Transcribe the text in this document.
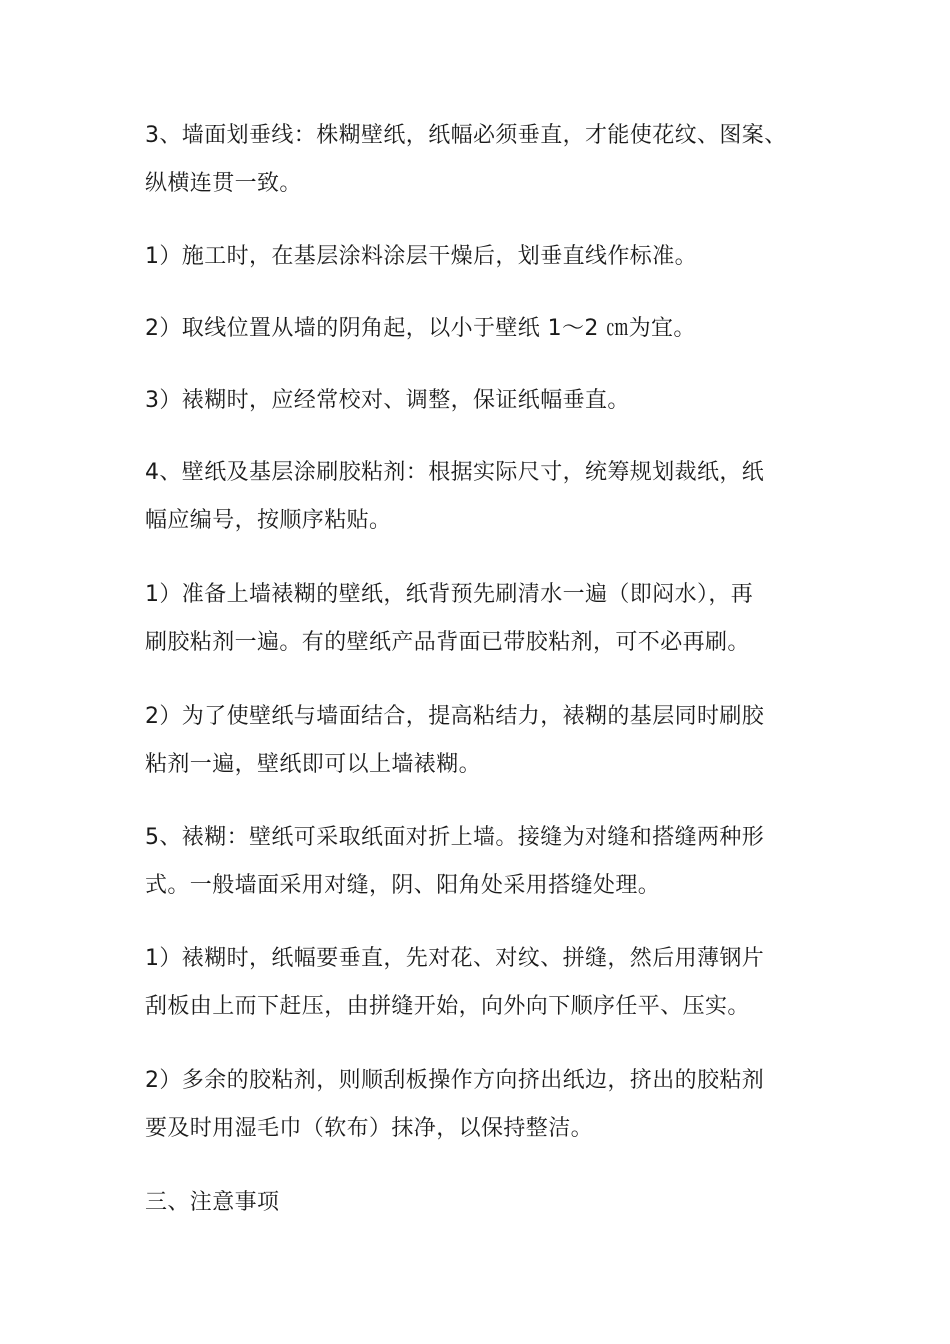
3、墙面划垂线：株糊壁纸，纸幅必须垂直，才能使花纹、图案、
纵横连贯一致。

1）施工时，在基层涂料涂层干燥后，划垂直线作标准。

2）取线位置从墙的阴角起，以小于壁纸 1～2 ㎝为宜。

3）裱糊时，应经常校对、调整，保证纸幅垂直。

4、壁纸及基层涂刷胶粘剂：根据实际尺寸，统筹规划裁纸，纸
幅应编号，按顺序粘贴。

1）准备上墙裱糊的壁纸，纸背预先刷清水一遍（即闷水），再
刷胶粘剂一遍。有的壁纸产品背面已带胶粘剂，可不必再刷。

2）为了使壁纸与墙面结合，提高粘结力，裱糊的基层同时刷胶
粘剂一遍，壁纸即可以上墙裱糊。

5、裱糊：壁纸可采取纸面对折上墙。接缝为对缝和搭缝两种形
式。一般墙面采用对缝，阴、阳角处采用搭缝处理。

1）裱糊时，纸幅要垂直，先对花、对纹、拼缝，然后用薄钢片
刮板由上而下赶压，由拼缝开始，向外向下顺序任平、压实。

2）多余的胶粘剂，则顺刮板操作方向挤出纸边，挤出的胶粘剂
要及时用湿毛巾（软布）抹净，以保持整洁。

三、注意事项
